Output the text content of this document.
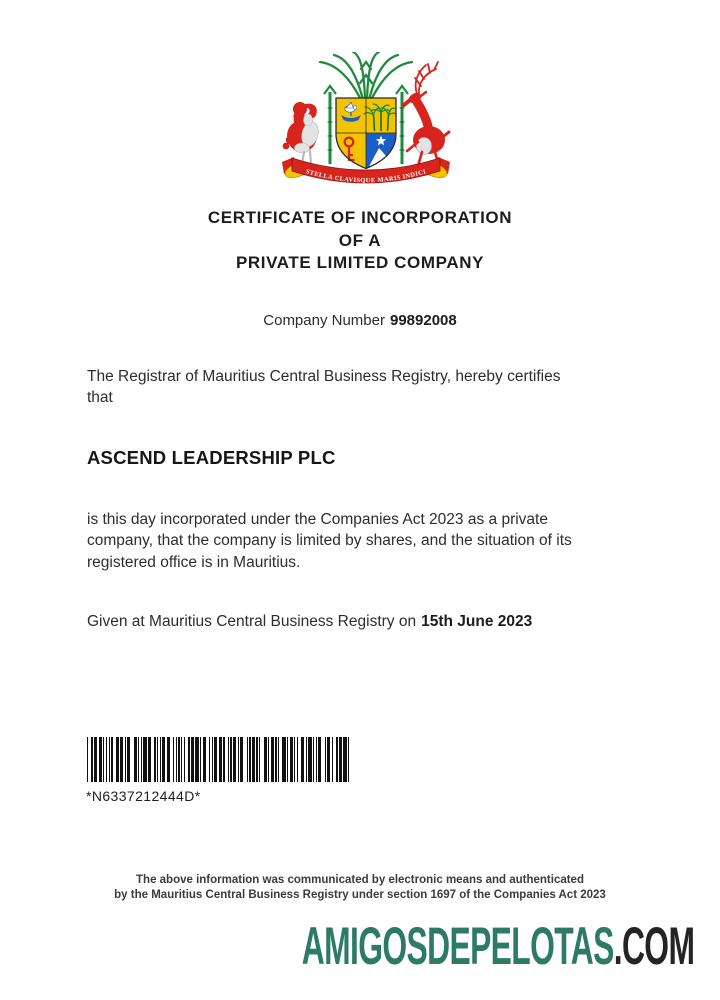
STELLA CLAVISQUE MARIS INDICI
CERTIFICATE OF INCORPORATION
OF A
PRIVATE LIMITED COMPANY
Company Number 99892008
The Registrar of Mauritius Central Business Registry, hereby certifies
that
ASCEND LEADERSHIP PLC
is this day incorporated under the Companies Act 2023 as a private
company, that the company is limited by shares, and the situation of its
registered office is in Mauritius.
Given at Mauritius Central Business Registry on 15th June 2023
*N6337212444D*
The above information was communicated by electronic means and authenticated
by the Mauritius Central Business Registry under section 1697 of the Companies Act 2023
AMIGOSDEPELOTAS.COM
